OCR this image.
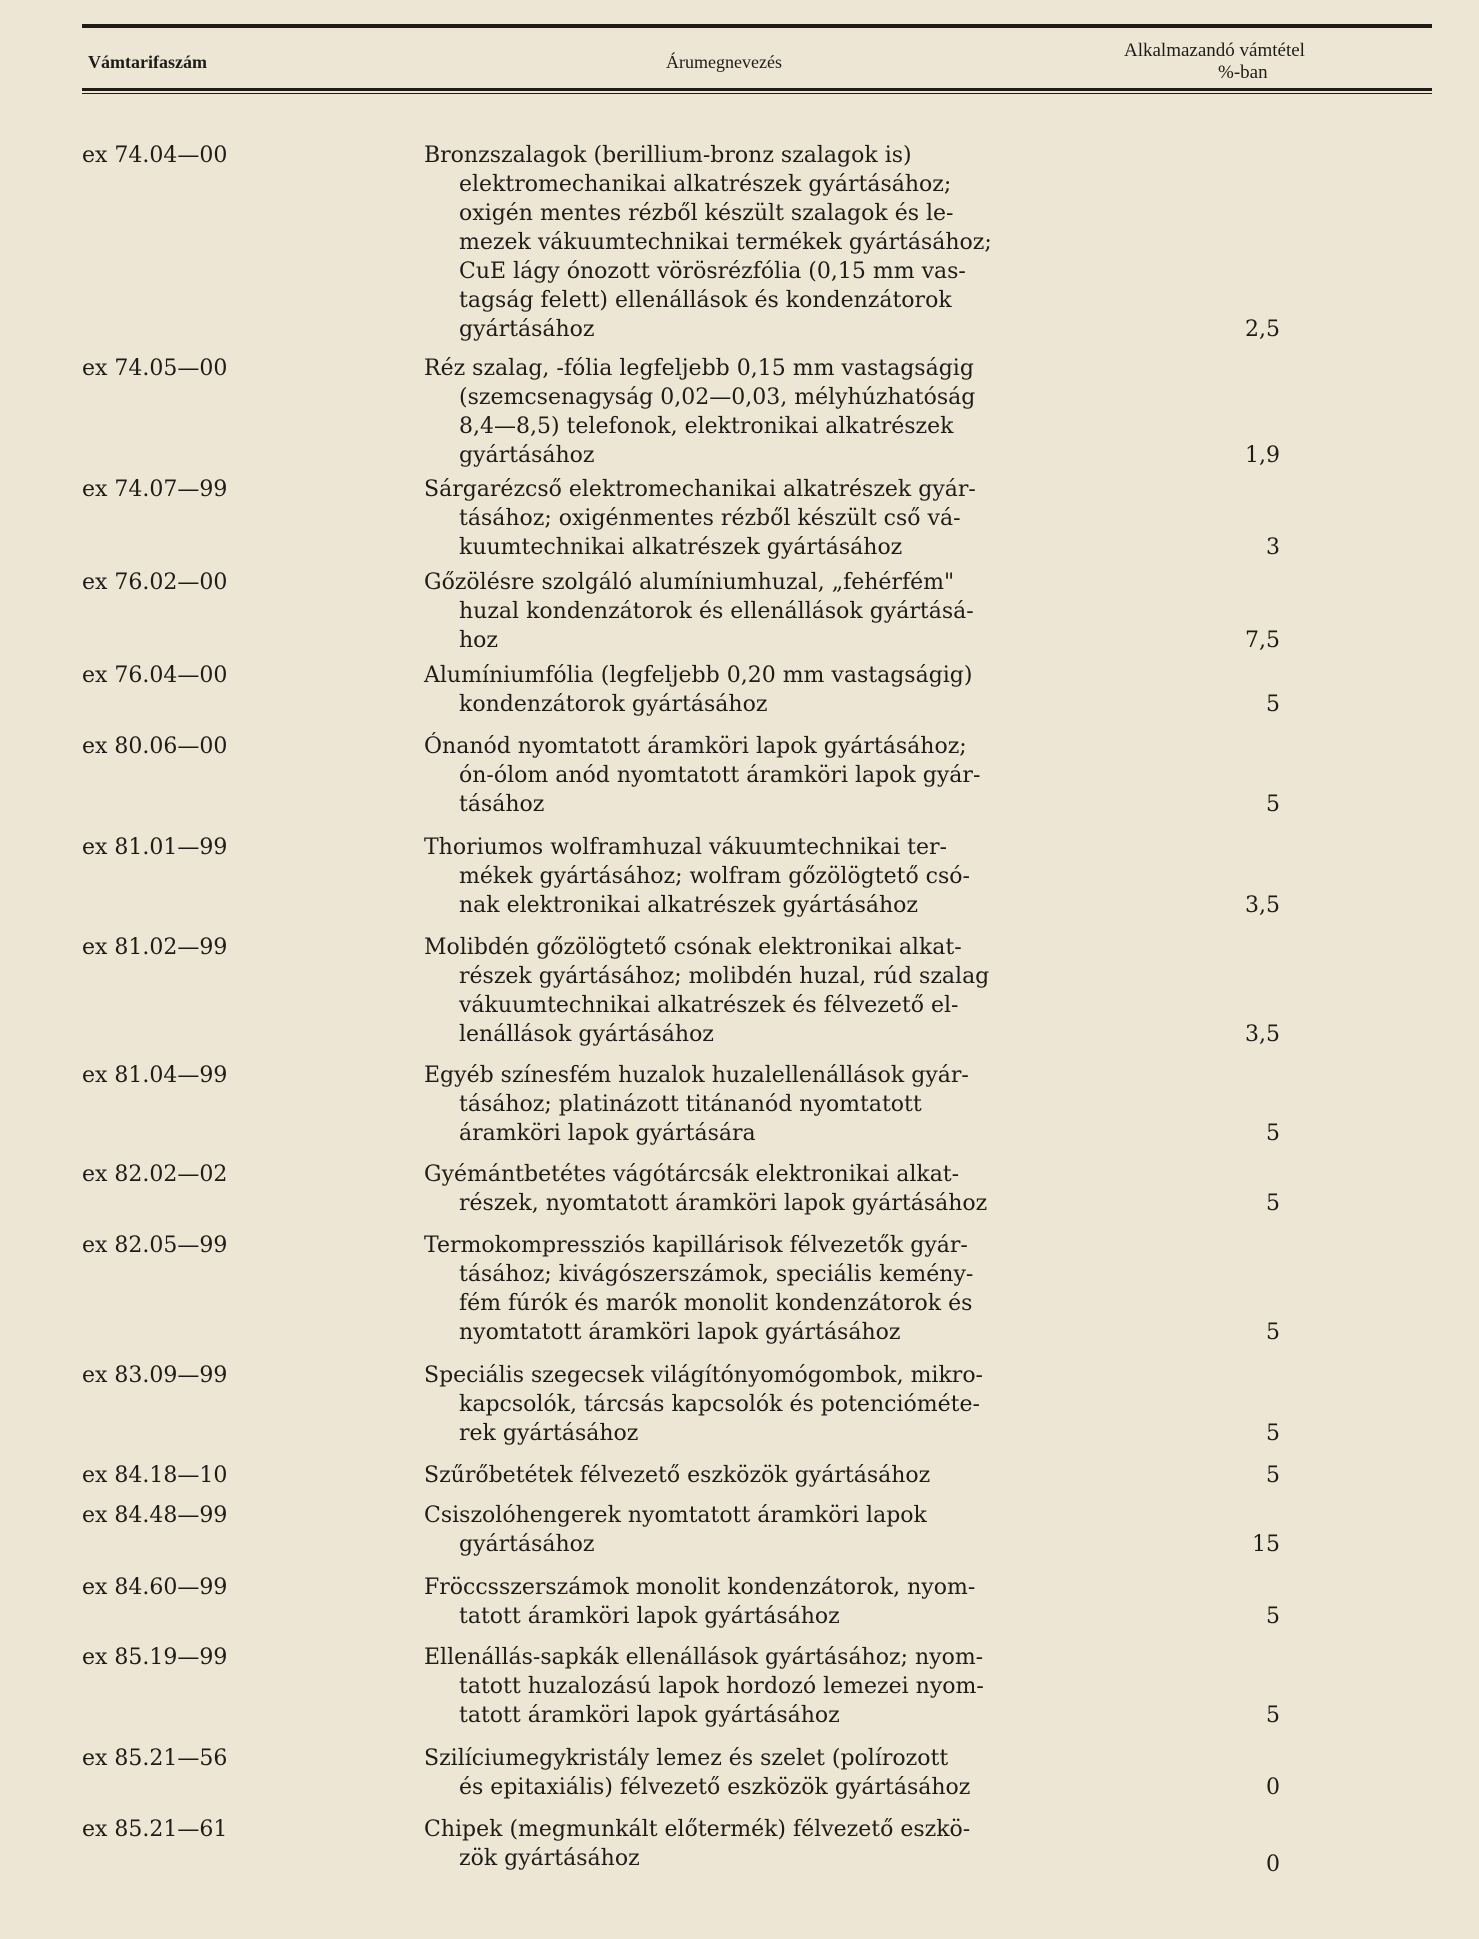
Vámtarifaszám	Árumegnevezés
Alkalmazandó vámtétel
%-ban
ex 74.04—00	Bronzszalagok (berillium-bronz szalagok is)
elektromechanikai alkatrészek gyártásához;
oxigén mentes rézből készült szalagok és le-
mezek vákuumtechnikai termékek gyártásához;
CuE lágy ónozott vörösrézfólia (0,15 mm vas-
tagság felett) ellenállások és kondenzátorok
gyártásához	2,5
ex 74.05—00	Réz szalag, -fólia legfeljebb 0,15 mm vastagságig
(szemcsenagyság 0,02—0,03, mélyhúzhatóság
8,4—8,5) telefonok, elektronikai alkatrészek
gyártásához	1,9
ex 74.07—99	Sárgarézcső elektromechanikai alkatrészek gyár-
tásához; oxigénmentes rézből készült cső vá-
kuumtechnikai alkatrészek gyártásához	3
ex 76.02—00	Gőzölésre szolgáló alumíniumhuzal, „fehérfém"
huzal kondenzátorok és ellenállások gyártásá-
hoz	7,5
ex 76.04—00	Alumíniumfólia (legfeljebb 0,20 mm vastagságig)
kondenzátorok gyártásához	5
ex 80.06—00	Ónanód nyomtatott áramköri lapok gyártásához;
ón-ólom anód nyomtatott áramköri lapok gyár-
tásához	5
ex 81.01—99	Thoriumos wolframhuzal vákuumtechnikai ter-
mékek gyártásához; wolfram gőzölögtető csó-
nak elektronikai alkatrészek gyártásához	3,5
ex 81.02—99	Molibdén gőzölögtető csónak elektronikai alkat-
részek gyártásához; molibdén huzal, rúd szalag
vákuumtechnikai alkatrészek és félvezető el-
lenállások gyártásához	3,5
ex 81.04—99	Egyéb színesfém huzalok huzalellenállások gyár-
tásához; platinázott titánanód nyomtatott
áramköri lapok gyártására	5
ex 82.02—02	Gyémántbetétes vágótárcsák elektronikai alkat-
részek, nyomtatott áramköri lapok gyártásához	5
ex 82.05—99	Termokompressziós kapillárisok félvezetők gyár-
tásához; kivágószerszámok, speciális kemény-
fém fúrók és marók monolit kondenzátorok és
nyomtatott áramköri lapok gyártásához	5
ex 83.09—99	Speciális szegecsek világítónyomógombok, mikro-
kapcsolók, tárcsás kapcsolók és potencióméte-
rek gyártásához	5
ex 84.18—10	Szűrőbetétek félvezető eszközök gyártásához	5
ex 84.48—99	Csiszolóhengerek nyomtatott áramköri lapok
gyártásához	15
ex 84.60—99	Fröccsszerszámok monolit kondenzátorok, nyom-
tatott áramköri lapok gyártásához	5
ex 85.19—99	Ellenállás-sapkák ellenállások gyártásához; nyom-
tatott huzalozású lapok hordozó lemezei nyom-
tatott áramköri lapok gyártásához	5
ex 85.21—56	Szilíciumegykristály lemez és szelet (polírozott
és epitaxiális) félvezető eszközök gyártásához	0
ex 85.21—61	Chipek (megmunkált előtermék) félvezető eszkö-
zök gyártásához	0
